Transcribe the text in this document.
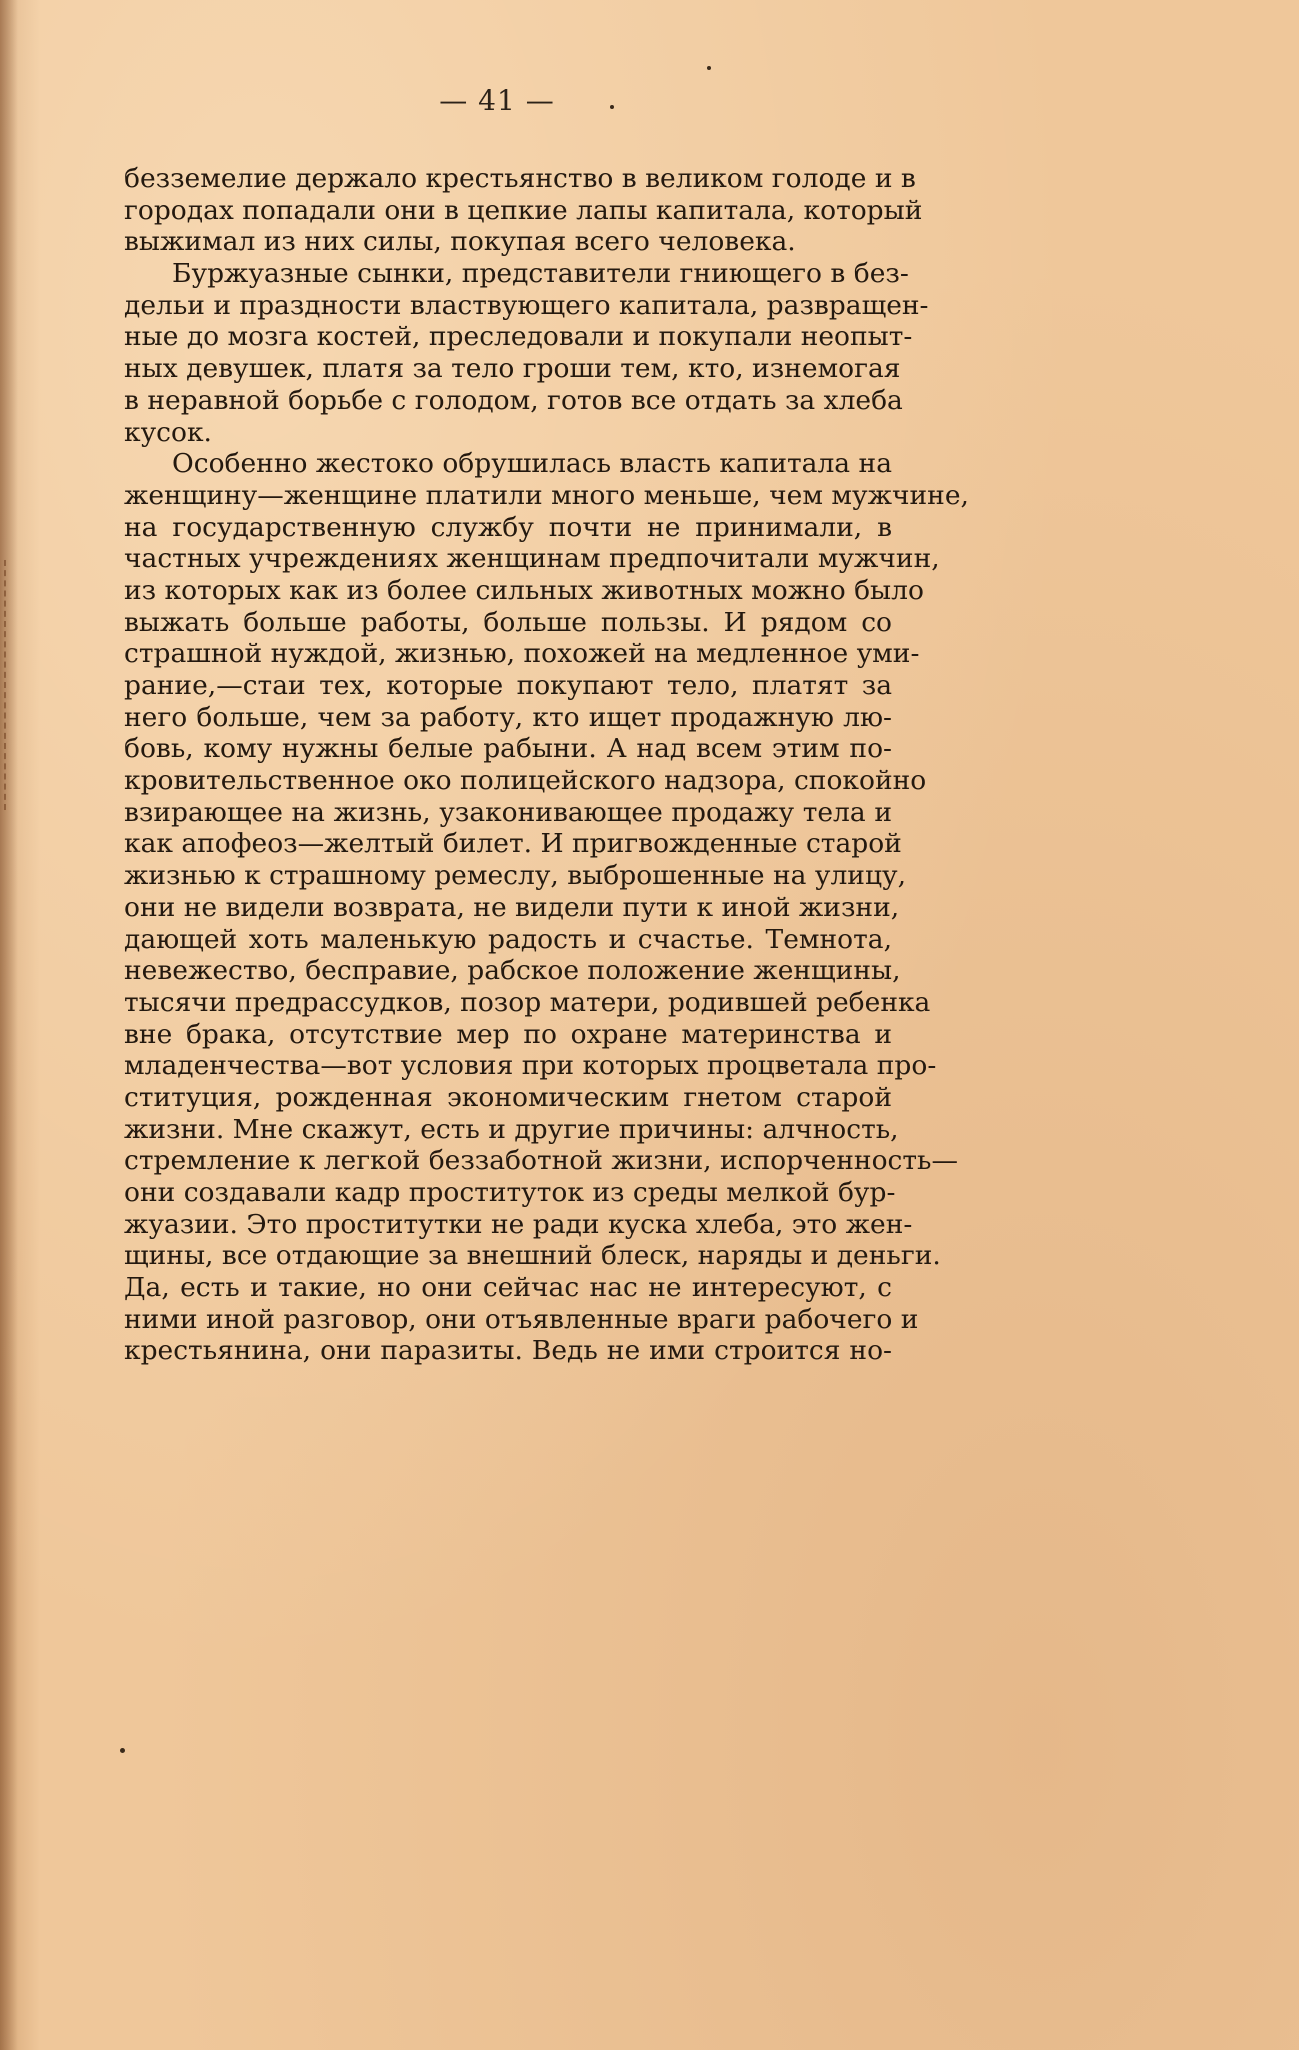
— 41 —
безземелие держало крестьянство в великом голоде и в
городах попадали они в цепкие лапы капитала, который
выжимал из них силы, покупая всего человека.
Буржуазные сынки, представители гниющего в без-
дельи и праздности властвующего капитала, развращен-
ные до мозга костей, преследовали и покупали неопыт-
ных девушек, платя за тело гроши тем, кто, изнемогая
в неравной борьбе с голодом, готов все отдать за хлеба
кусок.
Особенно жестоко обрушилась власть капитала на
женщину—женщине платили много меньше, чем мужчине,
на государственную службу почти не принимали, в
частных учреждениях женщинам предпочитали мужчин,
из которых как из более сильных животных можно было
выжать больше работы, больше пользы. И рядом со
страшной нуждой, жизнью, похожей на медленное уми-
рание,—стаи тех, которые покупают тело, платят за
него больше, чем за работу, кто ищет продажную лю-
бовь, кому нужны белые рабыни. А над всем этим по-
кровительственное око полицейского надзора, спокойно
взирающее на жизнь, узаконивающее продажу тела и
как апофеоз—желтый билет. И пригвожденные старой
жизнью к страшному ремеслу, выброшенные на улицу,
они не видели возврата, не видели пути к иной жизни,
дающей хоть маленькую радость и счастье. Темнота,
невежество, бесправие, рабское положение женщины,
тысячи предрассудков, позор матери, родившей ребенка
вне брака, отсутствие мер по охране материнства и
младенчества—вот условия при которых процветала про-
ституция, рожденная экономическим гнетом старой
жизни. Мне скажут, есть и другие причины: алчность,
стремление к легкой беззаботной жизни, испорченность—
они создавали кадр проституток из среды мелкой бур-
жуазии. Это проститутки не ради куска хлеба, это жен-
щины, все отдающие за внешний блеск, наряды и деньги.
Да, есть и такие, но они сейчас нас не интересуют, с
ними иной разговор, они отъявленные враги рабочего и
крестьянина, они паразиты. Ведь не ими строится но-
